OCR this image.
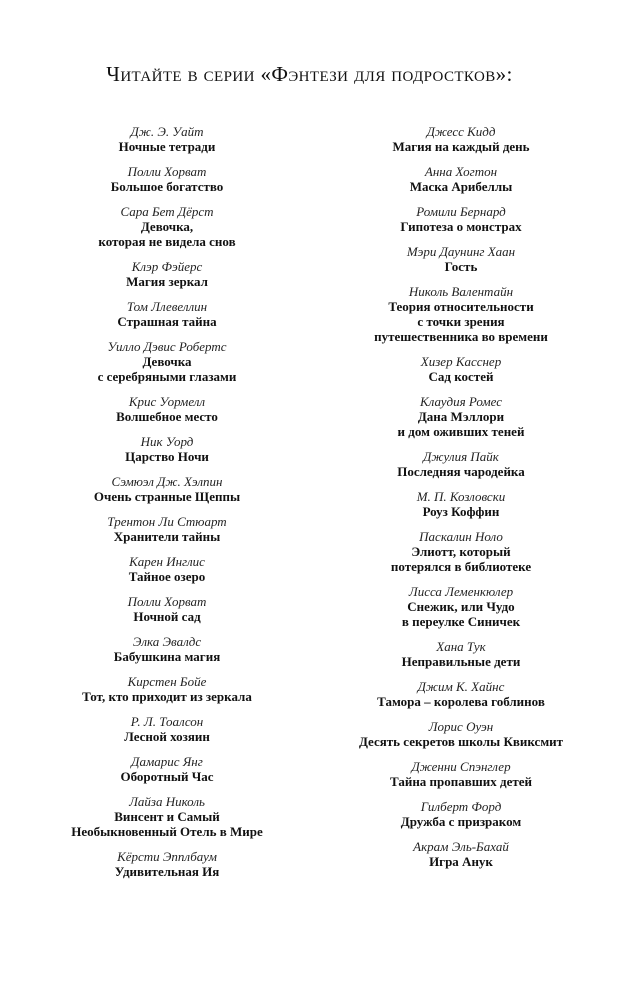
Читайте в серии «Фэнтези для подростков»:
Дж. Э. Уайт
Ночные тетради
Полли Хорват
Большое богатство
Сара Бет Дёрст
Девочка,
которая не видела снов
Клэр Фэйерс
Магия зеркал
Том Ллевеллин
Страшная тайна
Уилло Дэвис Робертс
Девочка
с серебряными глазами
Крис Уормелл
Волшебное место
Ник Уорд
Царство Ночи
Сэмюэл Дж. Хэлпин
Очень странные Щеппы
Трентон Ли Стюарт
Хранители тайны
Карен Инглис
Тайное озеро
Полли Хорват
Ночной сад
Элка Эвалдс
Бабушкина магия
Кирстен Бойе
Тот, кто приходит из зеркала
Р. Л. Тоалсон
Лесной хозяин
Дамарис Янг
Оборотный Час
Лайза Николь
Винсент и Самый
Необыкновенный Отель в Мире
Кёрсти Эпплбаум
Удивительная Ия
Джесс Кидд
Магия на каждый день
Анна Хогтон
Маска Арибеллы
Ромили Бернард
Гипотеза о монстрах
Мэри Даунинг Хаан
Гость
Николь Валентайн
Теория относительности
с точки зрения
путешественника во времени
Хизер Касснер
Сад костей
Клаудия Ромес
Дана Мэллори
и дом оживших теней
Джулия Пайк
Последняя чародейка
М. П. Козловски
Роуз Коффин
Паскалин Ноло
Элиотт, который
потерялся в библиотеке
Лисса Леменкюлер
Снежик, или Чудо
в переулке Синичек
Хана Тук
Неправильные дети
Джим К. Хайнс
Тамора – королева гоблинов
Лорис Оуэн
Десять секретов школы Квиксмит
Дженни Спэнглер
Тайна пропавших детей
Гилберт Форд
Дружба с призраком
Акрам Эль-Бахай
Игра Анук
